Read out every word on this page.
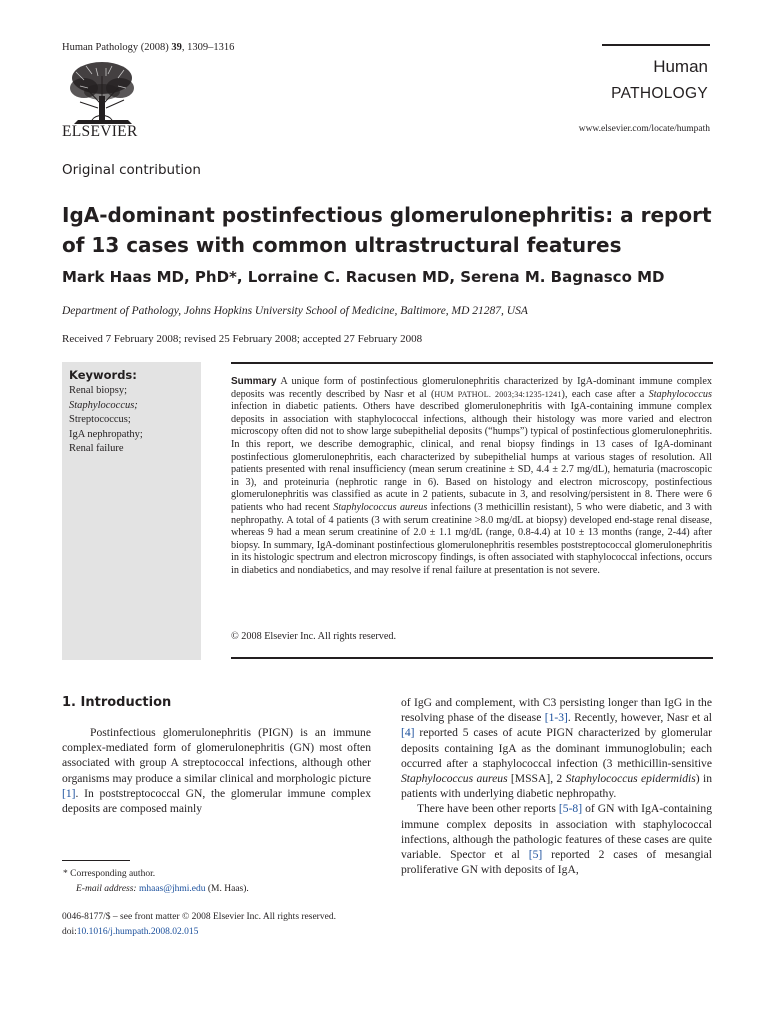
Human Pathology (2008) 39, 1309–1316
ELSEVIER
Human
PATHOLOGY
www.elsevier.com/locate/humpath
Original contribution
IgA-dominant postinfectious glomerulonephritis: a report of 13 cases with common ultrastructural features
Mark Haas MD, PhD*, Lorraine C. Racusen MD, Serena M. Bagnasco MD
Department of Pathology, Johns Hopkins University School of Medicine, Baltimore, MD 21287, USA
Received 7 February 2008; revised 25 February 2008; accepted 27 February 2008
Keywords:
Renal biopsy;
Staphylococcus;
Streptococcus;
IgA nephropathy;
Renal failure
Summary A unique form of postinfectious glomerulonephritis characterized by IgA-dominant immune complex deposits was recently described by Nasr et al (HUM PATHOL. 2003;34:1235-1241), each case after a Staphylococcus infection in diabetic patients. Others have described glomerulonephritis with IgA-containing immune complex deposits in association with staphylococcal infections, although their histology was more varied and electron microscopy often did not to show large subepithelial deposits (“humps”) typical of postinfectious glomerulonephritis. In this report, we describe demographic, clinical, and renal biopsy findings in 13 cases of IgA-dominant postinfectious glomerulonephritis, each characterized by subepithelial humps at various stages of resolution. All patients presented with renal insufficiency (mean serum creatinine ± SD, 4.4 ± 2.7 mg/dL), hematuria (macroscopic in 3), and proteinuria (nephrotic range in 6). Based on histology and electron microscopy, postinfectious glomerulonephritis was classified as acute in 2 patients, subacute in 3, and resolving/persistent in 8. There were 6 patients who had recent Staphylococcus aureus infections (3 methicillin resistant), 5 who were diabetic, and 3 with nephropathy. A total of 4 patients (3 with serum creatinine >8.0 mg/dL at biopsy) developed end-stage renal disease, whereas 9 had a mean serum creatinine of 2.0 ± 1.1 mg/dL (range, 0.8-4.4) at 10 ± 13 months (range, 2-44) after biopsy. In summary, IgA-dominant postinfectious glomerulonephritis resembles poststreptococcal glomerulonephritis in its histologic spectrum and electron microscopy findings, is often associated with staphylococcal infections, occurs in diabetics and nondiabetics, and may resolve if renal failure at presentation is not severe.
© 2008 Elsevier Inc. All rights reserved.
1. Introduction
Postinfectious glomerulonephritis (PIGN) is an immune complex-mediated form of glomerulonephritis (GN) most often associated with group A streptococcal infections, although other organisms may produce a similar clinical and morphologic picture [1]. In poststreptococcal GN, the glomerular immune complex deposits are composed mainly

of IgG and complement, with C3 persisting longer than IgG in the resolving phase of the disease [1-3]. Recently, however, Nasr et al [4] reported 5 cases of acute PIGN characterized by glomerular deposits containing IgA as the dominant immunoglobulin; each occurred after a staphylococcal infection (3 methicillin-sensitive Staphylococcus aureus [MSSA], 2 Staphylococcus epidermidis) in patients with underlying diabetic nephropathy.

There have been other reports [5-8] of GN with IgA-containing immune complex deposits in association with staphylococcal infections, although the pathologic features of these cases are quite variable. Spector et al [5] reported 2 cases of mesangial proliferative GN with deposits of IgA,

* Corresponding author.
E-mail address: mhaas@jhmi.edu (M. Haas).
0046-8177/$ – see front matter © 2008 Elsevier Inc. All rights reserved.
doi:10.1016/j.humpath.2008.02.015
